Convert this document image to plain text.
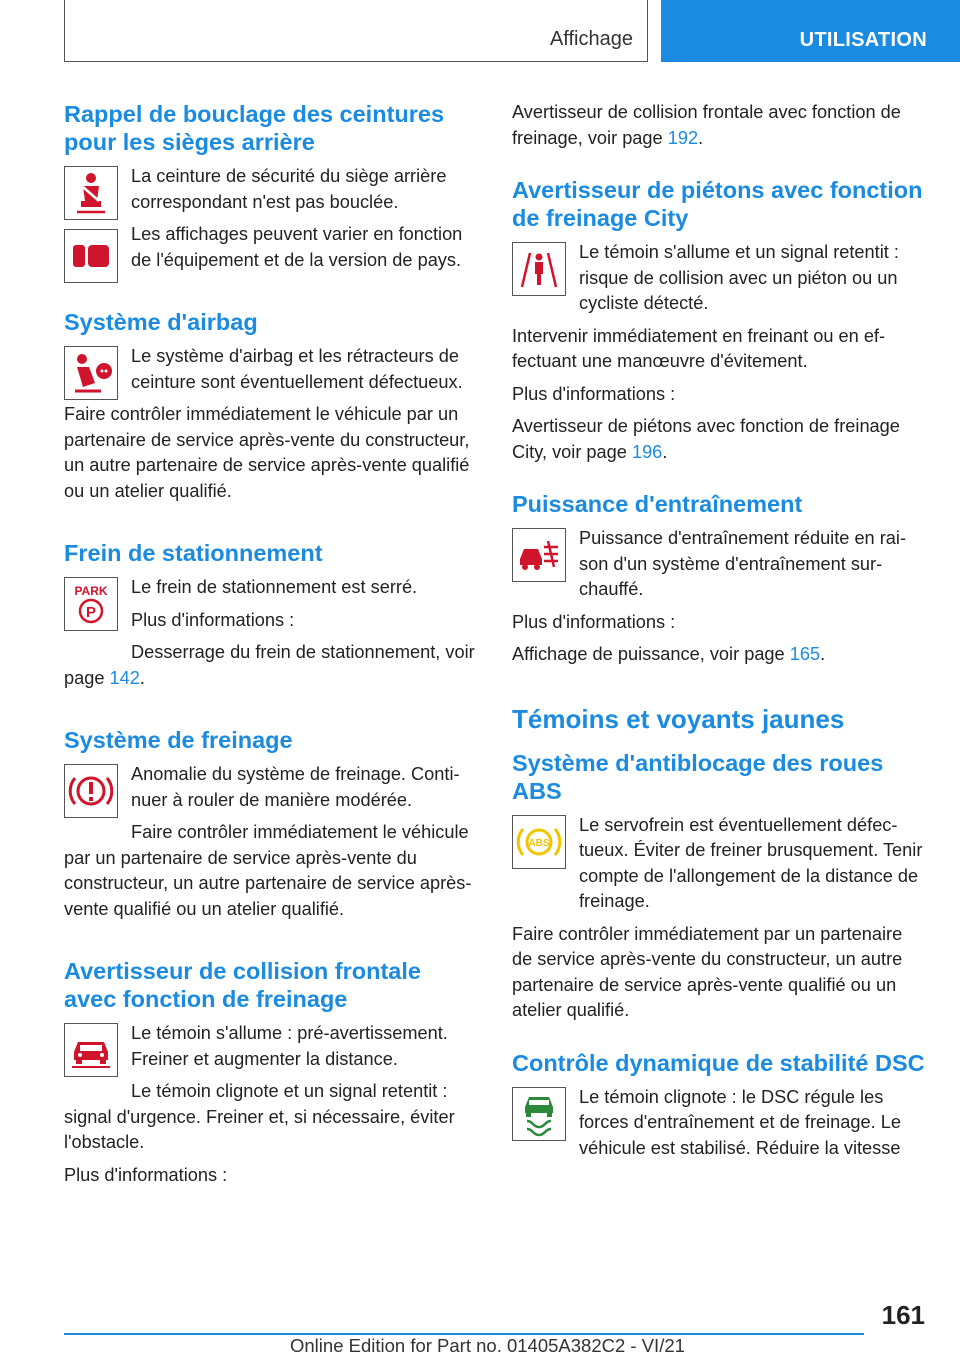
Affichage	UTILISATION
Rappel de bouclage des ceintures pour les sièges arrière

La ceinture de sécurité du siège arrière correspondant n'est pas bouclée.

Les affichages peuvent varier en fonction de l'équipement et de la version de pays.

Système d'airbag

Le système d'airbag et les rétracteurs de ceinture sont éventuellement défectueux.

Faire contrôler immédiatement le véhicule par un partenaire de service après-vente du constructeur, un autre partenaire de service après-vente qualifié ou un atelier qualifié.

Frein de stationnement
PARK
P

Le frein de stationnement est serré.

Plus d'informations :

Desserrage du frein de stationnement, voir page 142.

Système de freinage

Anomalie du système de freinage. Continuer à rouler de manière modérée.

Faire contrôler immédiatement le véhicule par un partenaire de service après-vente du constructeur, un autre partenaire de service après-vente qualifié ou un atelier qualifié.

Avertisseur de collision frontale avec fonction de freinage

Le témoin s'allume : pré-avertissement. Freiner et augmenter la distance.

Le témoin clignote et un signal retentit : signal d'urgence. Freiner et, si nécessaire, éviter l'obstacle.

Plus d'informations :

Avertisseur de collision frontale avec fonction de freinage, voir page 192.

Avertisseur de piétons avec fonction de freinage City

Le témoin s'allume et un signal retentit : risque de collision avec un piéton ou un cycliste détecté.

Intervenir immédiatement en freinant ou en effectuant une manœuvre d'évitement.

Plus d'informations :

Avertisseur de piétons avec fonction de freinage City, voir page 196.

Puissance d'entraînement

Puissance d'entraînement réduite en raison d'un système d'entraînement surchauffé.

Plus d'informations :

Affichage de puissance, voir page 165.

Témoins et voyants jaunes
Système d'antiblocage des roues ABS
ABS

Le servofrein est éventuellement défectueux. Éviter de freiner brusquement. Tenir compte de l'allongement de la distance de freinage.

Faire contrôler immédiatement par un partenaire de service après-vente du constructeur, un autre partenaire de service après-vente qualifié ou un atelier qualifié.

Contrôle dynamique de stabilité DSC

Le témoin clignote : le DSC régule les forces d'entraînement et de freinage. Le véhicule est stabilisé. Réduire la vitesse

161
Online Edition for Part no. 01405A382C2 - VI/21
